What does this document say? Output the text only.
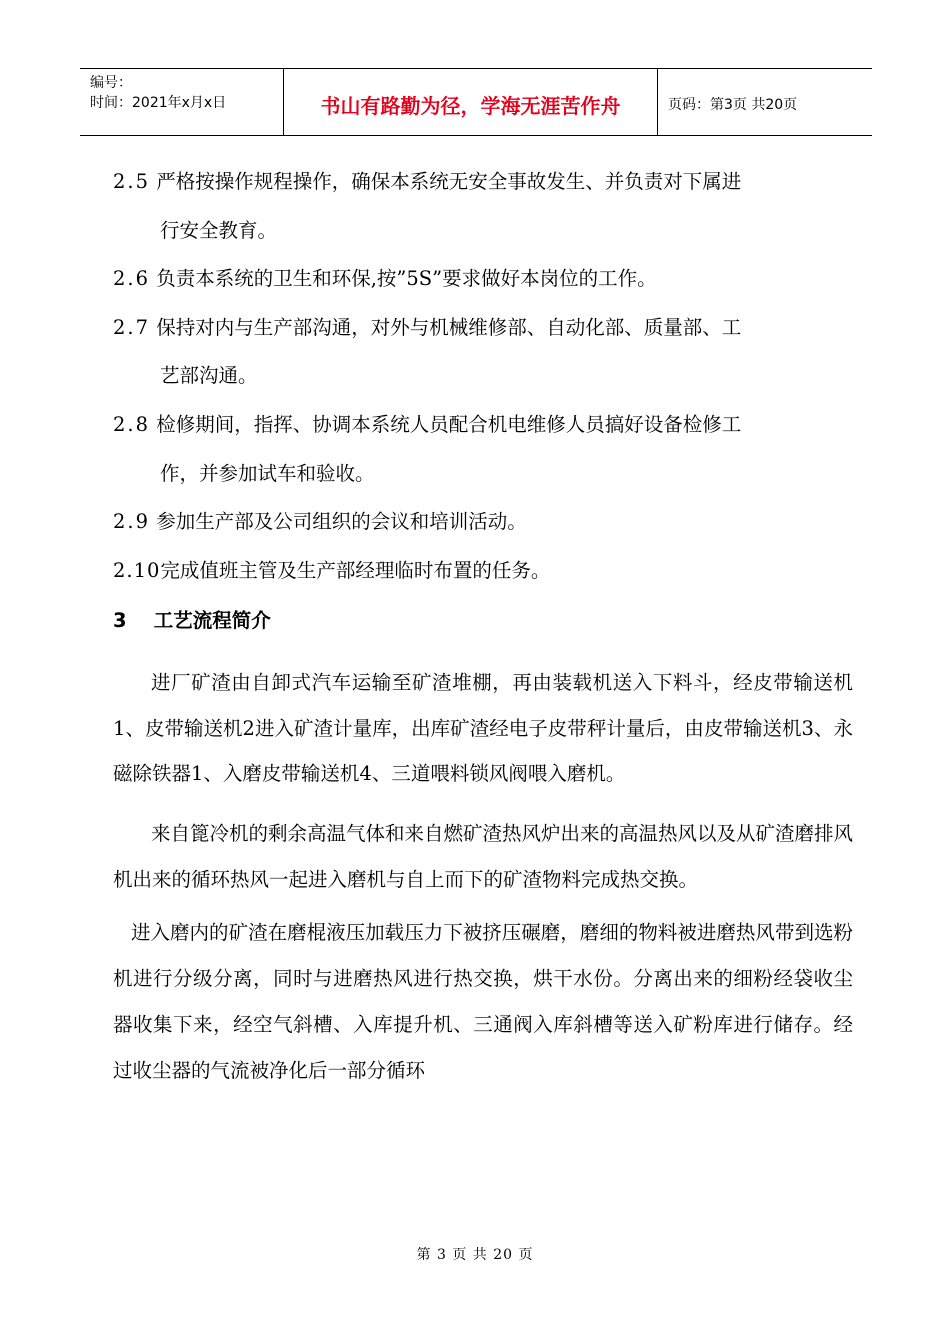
编号：
时间：2021年x月x日	书山有路勤为径，学海无涯苦作舟	页码：第3页 共20页
2.5 严格按操作规程操作，确保本系统无安全事故发生、并负责对下属进
行安全教育。
2.6 负责本系统的卫生和环保,按”5S”要求做好本岗位的工作。
2.7 保持对内与生产部沟通，对外与机械维修部、自动化部、质量部、工
艺部沟通。
2.8 检修期间，指挥、协调本系统人员配合机电维修人员搞好设备检修工
作，并参加试车和验收。
2.9 参加生产部及公司组织的会议和培训活动。
2.10完成值班主管及生产部经理临时布置的任务。
3 工艺流程简介
进厂矿渣由自卸式汽车运输至矿渣堆棚，再由装载机送入下料斗，经皮带输送机1、皮带输送机2进入矿渣计量库，出库矿渣经电子皮带秤计量后，由皮带输送机3、永磁除铁器1、入磨皮带输送机4、三道喂料锁风阀喂入磨机。
来自篦冷机的剩余高温气体和来自燃矿渣热风炉出来的高温热风以及从矿渣磨排风机出来的循环热风一起进入磨机与自上而下的矿渣物料完成热交换。
进入磨内的矿渣在磨棍液压加载压力下被挤压碾磨，磨细的物料被进磨热风带到选粉机进行分级分离，同时与进磨热风进行热交换，烘干水份。分离出来的细粉经袋收尘器收集下来，经空气斜槽、入库提升机、三通阀入库斜槽等送入矿粉库进行储存。经过收尘器的气流被净化后一部分循环
第 3 页 共 20 页
